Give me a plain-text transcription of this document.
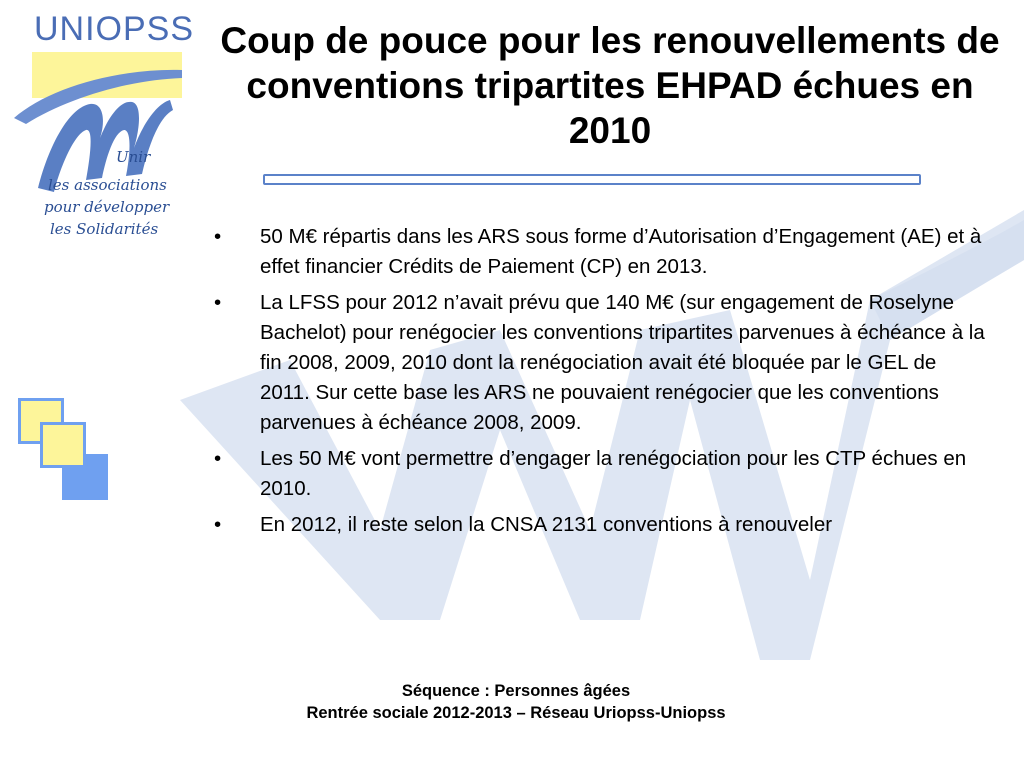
UNIOPSS
Unir
les associations
pour développer
les Solidarités
Coup de pouce pour les renouvellements de conventions tripartites EHPAD échues en 2010
• 50 M€ répartis dans les ARS sous forme d’Autorisation d’Engagement (AE) et à effet financier Crédits de Paiement (CP) en 2013.
• La LFSS pour 2012 n’avait prévu que 140 M€ (sur engagement de Roselyne Bachelot) pour renégocier les conventions tripartites parvenues à échéance à la fin 2008, 2009, 2010 dont la renégociation avait été bloquée par le GEL de 2011. Sur cette base les ARS ne pouvaient renégocier que les conventions parvenues à échéance 2008, 2009.
• Les 50 M€ vont permettre d’engager la renégociation pour les CTP échues en 2010.
• En 2012, il reste selon la CNSA 2131 conventions à renouveler
Séquence : Personnes âgées
Rentrée sociale 2012-2013 – Réseau Uriopss-Uniopss
